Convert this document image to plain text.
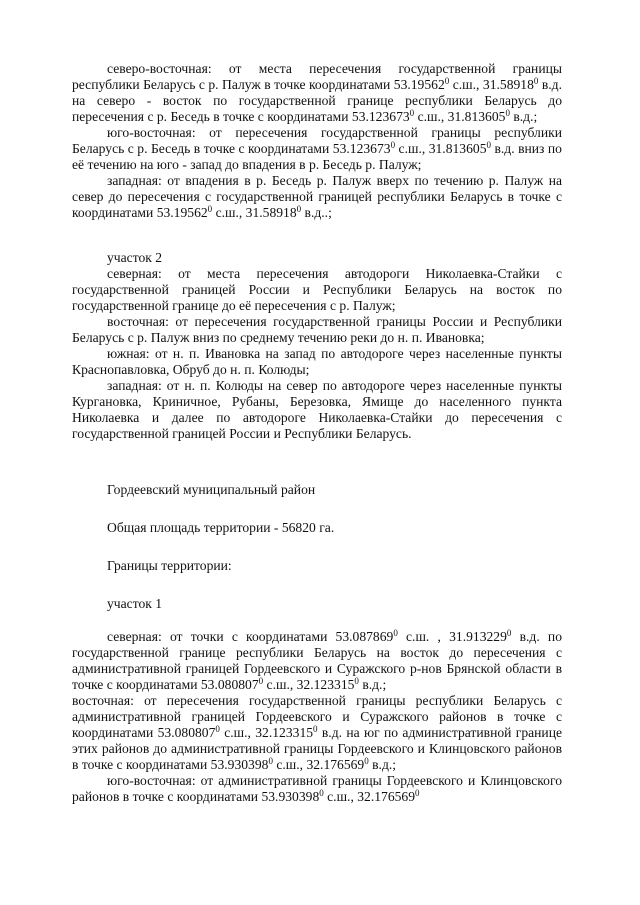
северо-восточная: от места пересечения государственной границы республики Беларусь с р. Палуж в точке координатами 53.19562$^0$ с.ш., 31.58918$^0$ в.д. на северо - восток по государственной границе республики Беларусь до пересечения с р. Беседь в точке с координатами 53.123673$^0$ с.ш., 31.813605$^0$ в.д.;

юго-восточная: от пересечения государственной границы республики Беларусь с р. Беседь в точке с координатами 53.123673$^0$ с.ш., 31.813605$^0$ в.д. вниз по её течению на юго - запад до впадения в р. Беседь р. Палуж;

западная: от впадения в р. Беседь р. Палуж вверх по течению р. Палуж на север до пересечения с государственной границей республики Беларусь в точке с координатами 53.19562$^0$ с.ш., 31.58918$^0$ в.д..;

участок 2

северная: от места пересечения автодороги Николаевка-Стайки с государственной границей России и Республики Беларусь на восток по государственной границе до её пересечения с р. Палуж;

восточная: от пересечения государственной границы России и Республики Беларусь с р. Палуж вниз по среднему течению реки до н. п. Ивановка;

южная: от н. п. Ивановка на запад по автодороге через населенные пункты Краснопавловка, Обруб до н. п. Колюды;

западная: от н. п. Колюды на север по автодороге через населенные пункты Кургановка, Криничное, Рубаны, Березовка, Ямище до населенного пункта Николаевка и далее по автодороге Николаевка-Стайки до пересечения с государственной границей России и Республики Беларусь.

Гордеевский муниципальный район

Общая площадь территории - 56820 га.

Границы территории:

участок 1

северная: от точки с координатами 53.087869$^0$ с.ш. , 31.913229$^0$ в.д. по государственной границе республики Беларусь на восток до пересечения с административной границей Гордеевского и Суражского р-нов Брянской области в точке с координатами 53.080807$^0$ с.ш., 32.123315$^0$ в.д.;

восточная: от пересечения государственной границы республики Беларусь с административной границей Гордеевского и Суражского районов в точке с координатами 53.080807$^0$ с.ш., 32.123315$^0$ в.д. на юг по административной границе этих районов до административной границы Гордеевского и Клинцовского районов в точке с координатами 53.930398$^0$ с.ш., 32.176569$^0$ в.д.;

юго-восточная: от административной границы Гордеевского и Клинцовского районов в точке с координатами 53.930398$^0$ с.ш., 32.176569$^0$
